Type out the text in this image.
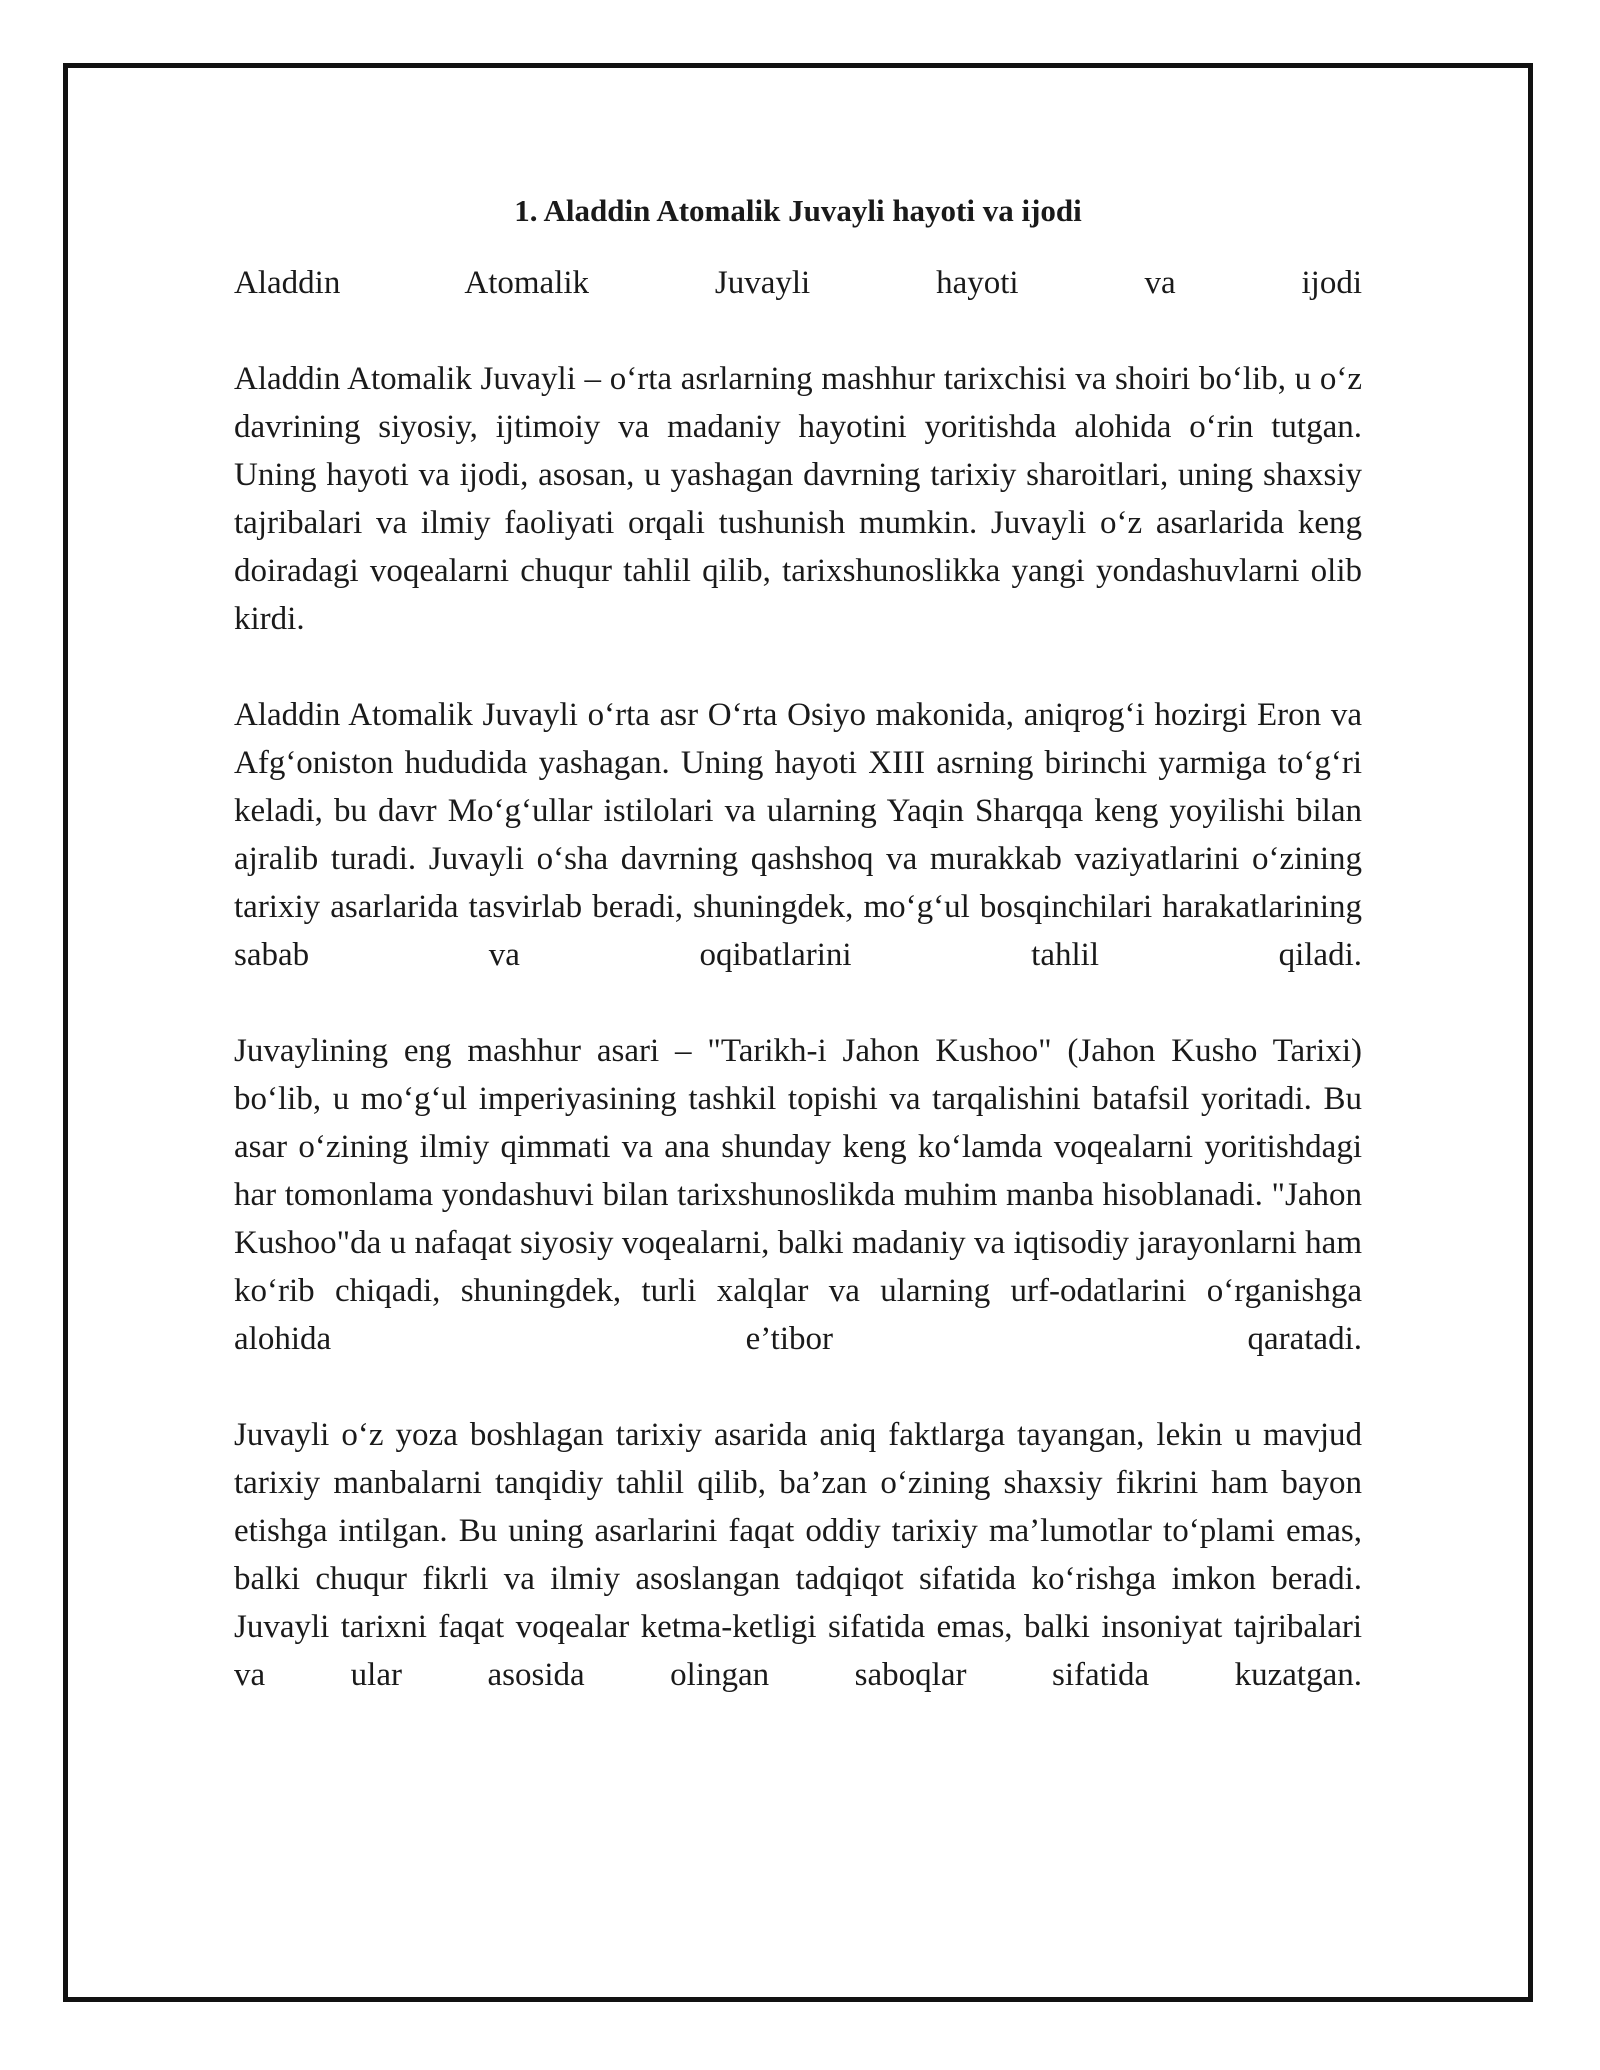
1. Aladdin Atomalik Juvayli hayoti va ijodi

Aladdin Atomalik Juvayli hayoti va ijodi

Aladdin Atomalik Juvayli – o‘rta asrlarning mashhur tarixchisi va shoiri bo‘lib, u o‘z davrining siyosiy, ijtimoiy va madaniy hayotini yoritishda alohida o‘rin tutgan. Uning hayoti va ijodi, asosan, u yashagan davrning tarixiy sharoitlari, uning shaxsiy tajribalari va ilmiy faoliyati orqali tushunish mumkin. Juvayli o‘z asarlarida keng doiradagi voqealarni chuqur tahlil qilib, tarixshunoslikka yangi yondashuvlarni olib kirdi.

Aladdin Atomalik Juvayli o‘rta asr O‘rta Osiyo makonida, aniqrog‘i hozirgi Eron va Afg‘oniston hududida yashagan. Uning hayoti XIII asrning birinchi yarmiga to‘g‘ri keladi, bu davr Mo‘g‘ullar istilolari va ularning Yaqin Sharqqa keng yoyilishi bilan ajralib turadi. Juvayli o‘sha davrning qashshoq va murakkab vaziyatlarini o‘zining tarixiy asarlarida tasvirlab beradi, shuningdek, mo‘g‘ul bosqinchilari harakatlarining sabab va oqibatlarini tahlil qiladi.

Juvaylining eng mashhur asari – "Tarikh-i Jahon Kushoo" (Jahon Kusho Tarixi) bo‘lib, u mo‘g‘ul imperiyasining tashkil topishi va tarqalishini batafsil yoritadi. Bu asar o‘zining ilmiy qimmati va ana shunday keng ko‘lamda voqealarni yoritishdagi har tomonlama yondashuvi bilan tarixshunoslikda muhim manba hisoblanadi. "Jahon Kushoo"da u nafaqat siyosiy voqealarni, balki madaniy va iqtisodiy jarayonlarni ham ko‘rib chiqadi, shuningdek, turli xalqlar va ularning urf-odatlarini o‘rganishga alohida e’tibor qaratadi.

Juvayli o‘z yoza boshlagan tarixiy asarida aniq faktlarga tayangan, lekin u mavjud tarixiy manbalarni tanqidiy tahlil qilib, ba’zan o‘zining shaxsiy fikrini ham bayon etishga intilgan. Bu uning asarlarini faqat oddiy tarixiy ma’lumotlar to‘plami emas, balki chuqur fikrli va ilmiy asoslangan tadqiqot sifatida ko‘rishga imkon beradi. Juvayli tarixni faqat voqealar ketma-ketligi sifatida emas, balki insoniyat tajribalari va ular asosida olingan saboqlar sifatida kuzatgan.
